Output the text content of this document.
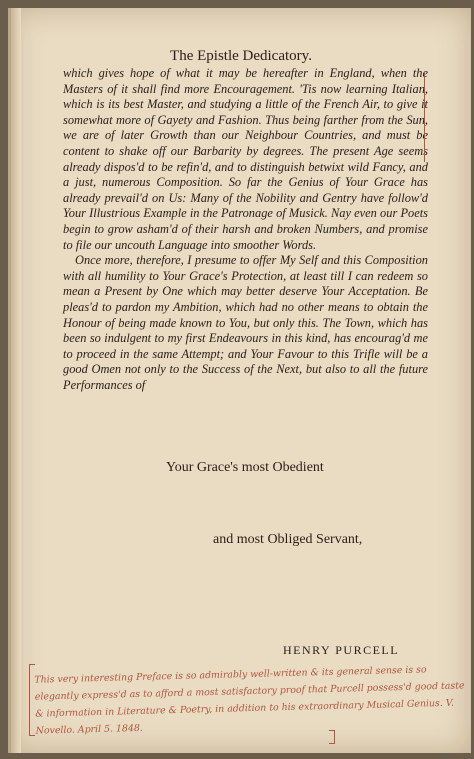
The Epistle Dedicatory.

which gives hope of what it may be hereafter in England, when the Masters of it shall find more Encouragement. 'Tis now learning Italian, which is its best Master, and studying a little of the French Air, to give it somewhat more of Gayety and Fashion. Thus being farther from the Sun, we are of later Growth than our Neighbour Countries, and must be content to shake off our Barbarity by degrees. The present Age seems already dispos'd to be refin'd, and to distinguish betwixt wild Fancy, and a just, numerous Composition. So far the Genius of Your Grace has already prevail'd on Us: Many of the Nobility and Gentry have follow'd Your Illustrious Example in the Patronage of Musick. Nay even our Poets begin to grow asham'd of their harsh and broken Numbers, and promise to file our uncouth Language into smoother Words.

Once more, therefore, I presume to offer My Self and this Composition with all humility to Your Grace's Protection, at least till I can redeem so mean a Present by One which may better deserve Your Acceptation. Be pleas'd to pardon my Ambition, which had no other means to obtain the Honour of being made known to You, but only this. The Town, which has been so indulgent to my first Endeavours in this kind, has encourag'd me to proceed in the same Attempt; and Your Favour to this Trifle will be a good Omen not only to the Success of the Next, but also to all the future Performances of

Your Grace's most Obedient
and most Obliged Servant,
HENRY PURCELL
This very interesting Preface is so admirably well-written & its general sense is so elegantly express'd as to afford a most satisfactory proof that Purcell possess'd good taste & information in Literature & Poetry, in addition to his extraordinary Musical Genius. V. Novello. April 5. 1848.
